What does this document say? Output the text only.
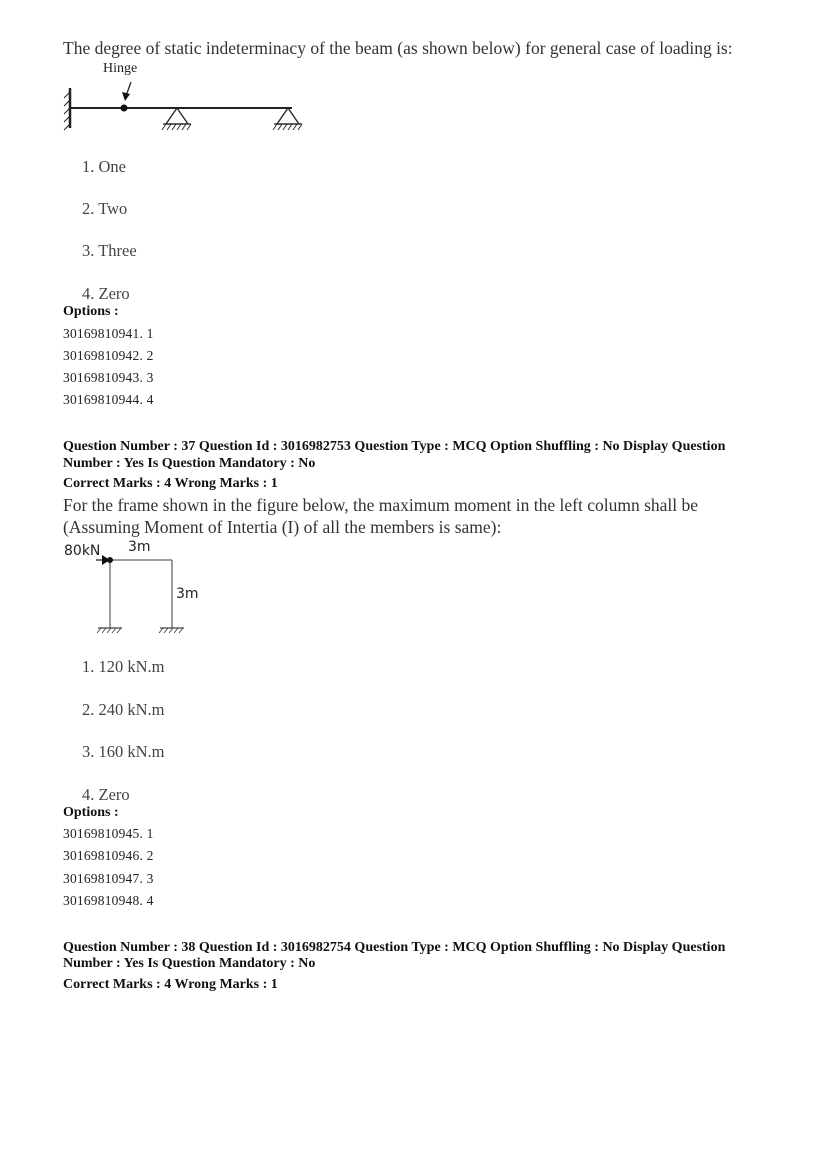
The degree of static indeterminacy of the beam (as shown below) for general case of loading is:
Hinge
1. One
2. Two
3. Three
4. Zero
Options :
30169810941. 1
30169810942. 2
30169810943. 3
30169810944. 4
Question Number : 37 Question Id : 3016982753 Question Type : MCQ Option Shuffling : No Display Question
Number : Yes Is Question Mandatory : No
Correct Marks : 4 Wrong Marks : 1
For the frame shown in the figure below, the maximum moment in the left column shall be
(Assuming Moment of Intertia (I) of all the members is same):
80kN 3m
3m
1. 120 kN.m
2. 240 kN.m
3. 160 kN.m
4. Zero
Options :
30169810945. 1
30169810946. 2
30169810947. 3
30169810948. 4
Question Number : 38 Question Id : 3016982754 Question Type : MCQ Option Shuffling : No Display Question
Number : Yes Is Question Mandatory : No
Correct Marks : 4 Wrong Marks : 1
